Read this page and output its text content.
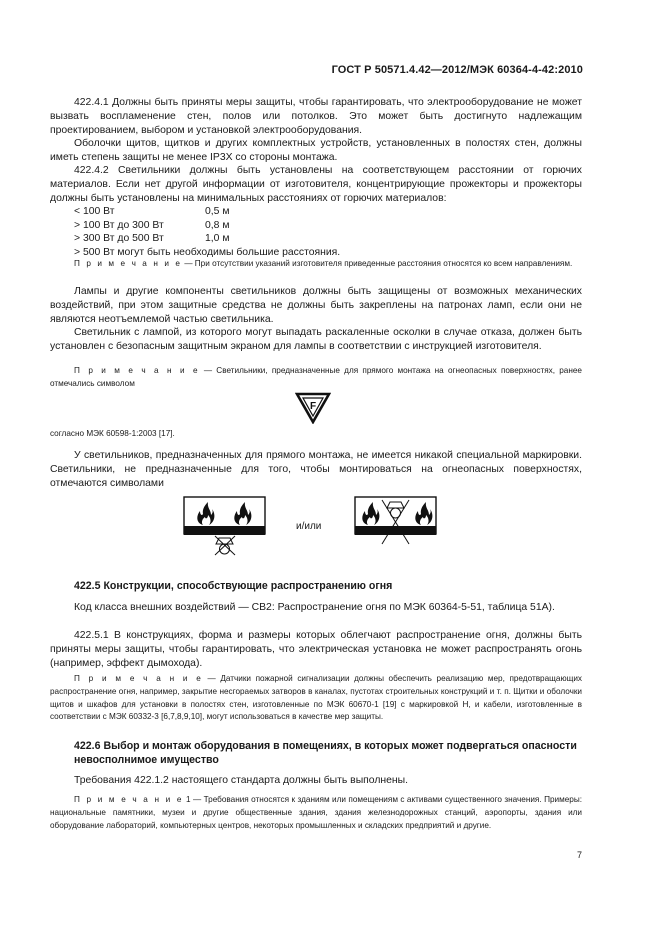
ГОСТ Р 50571.4.42—2012/МЭК 60364-4-42:2010

422.4.1 Должны быть приняты меры защиты, чтобы гарантировать, что электрооборудование не может вызвать воспламенение стен, полов или потолков. Это может быть достигнуто надлежащим проектированием, выбором и установкой электрооборудования.

Оболочки щитов, щитков и других комплектных устройств, установленных в полостях стен, должны иметь степень защиты не менее IP3X со стороны монтажа.

422.4.2 Светильники должны быть установлены на соответствующем расстоянии от горючих материалов. Если нет другой информации от изготовителя, концентрирующие прожекторы и прожекторы должны быть установлены на минимальных расстояниях от горючих материалов:

< 100 Вт	0,5 м
> 100 Вт до 300 Вт	0,8 м
> 300 Вт до 500 Вт	1,0 м
> 500 Вт могут быть необходимы большие расстояния.

П р и м е ч а н и е — При отсутствии указаний изготовителя приведенные расстояния относятся ко всем направлениям.

Лампы и другие компоненты светильников должны быть защищены от возможных механических воздействий, при этом защитные средства не должны быть закреплены на патронах ламп, если они не являются неотъемлемой частью светильника.

Светильник с лампой, из которого могут выпадать раскаленные осколки в случае отказа, должен быть установлен с безопасным защитным экраном для лампы в соответствии с инструкцией изготовителя.

П р и м е ч а н и е — Светильники, предназначенные для прямого монтажа на огнеопасных поверхностях, ранее отмечались символом

F

согласно МЭК 60598-1:2003 [17].

У светильников, предназначенных для прямого монтажа, не имеется никакой специальной маркировки. Светильники, не предназначенные для того, чтобы монтироваться на огнеопасных поверхностях, отмечаются символами

и/или

422.5 Конструкции, способствующие распространению огня

Код класса внешних воздействий — CB2: Распространение огня по МЭК 60364-5-51, таблица 51А).

422.5.1 В конструкциях, форма и размеры которых облегчают распространение огня, должны быть приняты меры защиты, чтобы гарантировать, что электрическая установка не может распространять огонь (например, эффект дымохода).

П р и м е ч а н и е — Датчики пожарной сигнализации должны обеспечить реализацию мер, предотвращающих распространение огня, например, закрытие несгораемых затворов в каналах, пустотах строительных конструкций и т. п. Щитки и оболочки щитов и шкафов для установки в полостях стен, изготовленные по МЭК 60670-1 [19] с маркировкой Н, и кабели, изготовленные в соответствии с МЭК 60332-3 [6,7,8,9,10], могут использоваться в качестве мер защиты.

422.6 Выбор и монтаж оборудования в помещениях, в которых может подвергаться опасности невосполнимое имущество

Требования 422.1.2 настоящего стандарта должны быть выполнены.

П р и м е ч а н и е 1 — Требования относятся к зданиям или помещениям с активами существенного значения. Примеры: национальные памятники, музеи и другие общественные здания, здания железнодорожных станций, аэропорты, здания или оборудование лабораторий, компьютерных центров, некоторых промышленных и складских предприятий и другие.

7
